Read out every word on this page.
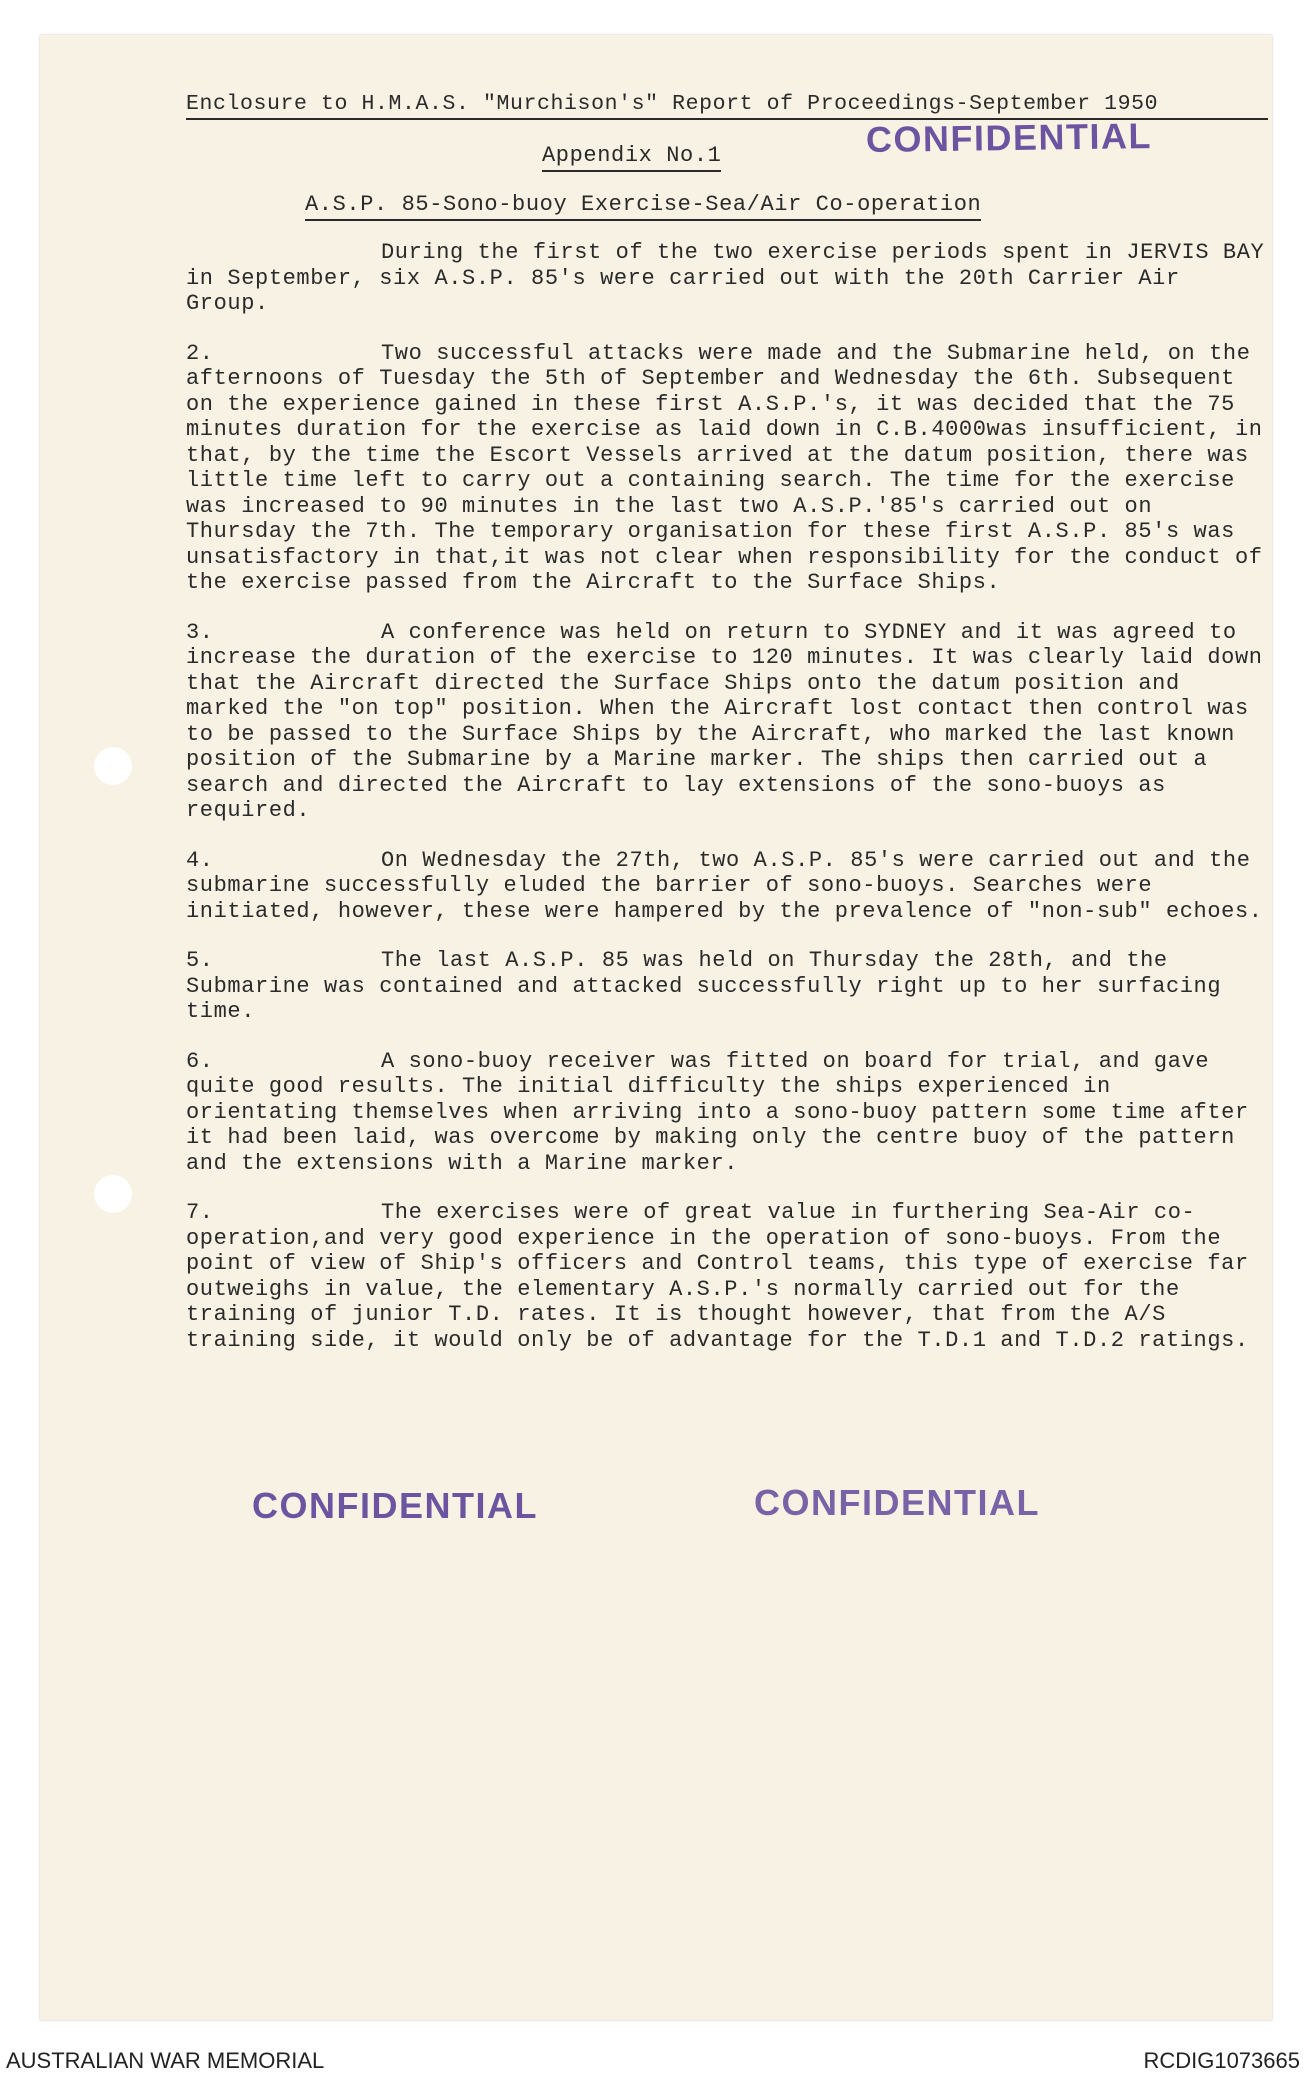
Enclosure to H.M.A.S. "Murchison's" Report of Proceedings-September 1950
CONFIDENTIAL
Appendix No.1
A.S.P. 85-Sono-buoy Exercise-Sea/Air Co-operation

During the first of the two exercise periods spent in JERVIS BAY in September, six A.S.P. 85's were carried out with the 20th Carrier Air Group.

2.	Two successful attacks were made and the Submarine held, on the afternoons of Tuesday the 5th of September and Wednesday the 6th. Subsequent on the experience gained in these first A.S.P.'s, it was decided that the 75 minutes duration for the exercise as laid down in C.B.4000was insufficient, in that, by the time the Escort Vessels arrived at the datum position, there was little time left to carry out a containing search. The time for the exercise was increased to 90 minutes in the last two A.S.P.'85's carried out on Thursday the 7th. The temporary organisation for these first A.S.P. 85's was unsatisfactory in that,it was not clear when responsibility for the conduct of the exercise passed from the Aircraft to the Surface Ships.

3.	A conference was held on return to SYDNEY and it was agreed to increase the duration of the exercise to 120 minutes. It was clearly laid down that the Aircraft directed the Surface Ships onto the datum position and marked the "on top" position. When the Aircraft lost contact then control was to be passed to the Surface Ships by the Aircraft, who marked the last known position of the Submarine by a Marine marker. The ships then carried out a search and directed the Aircraft to lay extensions of the sono-buoys as required.

4.	On Wednesday the 27th, two A.S.P. 85's were carried out and the submarine successfully eluded the barrier of sono-buoys. Searches were initiated, however, these were hampered by the prevalence of "non-sub" echoes.

5.	The last A.S.P. 85 was held on Thursday the 28th, and the Submarine was contained and attacked successfully right up to her surfacing time.

6.	A sono-buoy receiver was fitted on board for trial, and gave quite good results. The initial difficulty the ships experienced in orientating themselves when arriving into a sono-buoy pattern some time after it had been laid, was overcome by making only the centre buoy of the pattern and the extensions with a Marine marker.

7.	The exercises were of great value in furthering Sea-Air co-operation,and very good experience in the operation of sono-buoys. From the point of view of Ship's officers and Control teams, this type of exercise far outweighs in value, the elementary A.S.P.'s normally carried out for the training of junior T.D. rates. It is thought however, that from the A/S training side, it would only be of advantage for the T.D.1 and T.D.2 ratings.

CONFIDENTIAL	CONFIDENTIAL
AUSTRALIAN WAR MEMORIAL	RCDIG1073665
